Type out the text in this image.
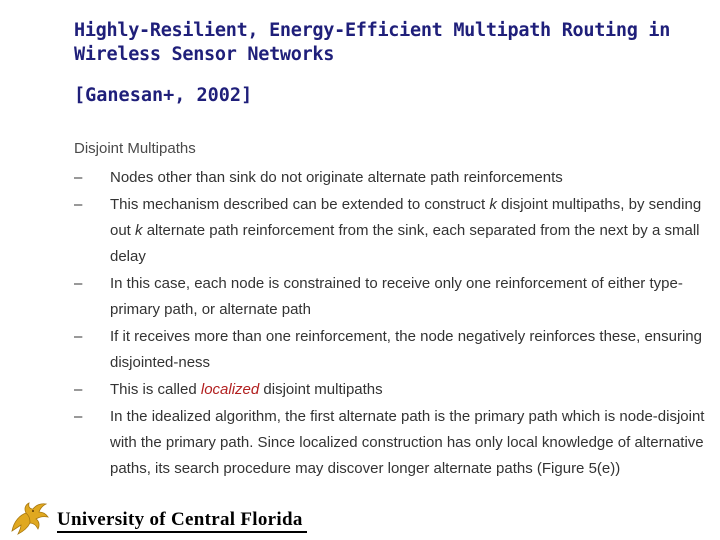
Highly-Resilient, Energy-Efficient Multipath Routing in
Wireless Sensor Networks
[Ganesan+, 2002]
Disjoint Multipaths
– Nodes other than sink do not originate alternate path reinforcements
– This mechanism described can be extended to construct k disjoint multipaths, by sending out k alternate path reinforcement from the sink, each separated from the next by a small delay
– In this case, each node is constrained to receive only one reinforcement of either type-primary path, or alternate path
– If it receives more than one reinforcement, the node negatively reinforces these, ensuring disjointed-ness
– This is called localized disjoint multipaths
– In the idealized algorithm, the first alternate path is the primary path which is node-disjoint with the primary path. Since localized construction has only local knowledge of alternative paths, its search procedure may discover longer alternate paths (Figure 5(e))
University of Central Florida
